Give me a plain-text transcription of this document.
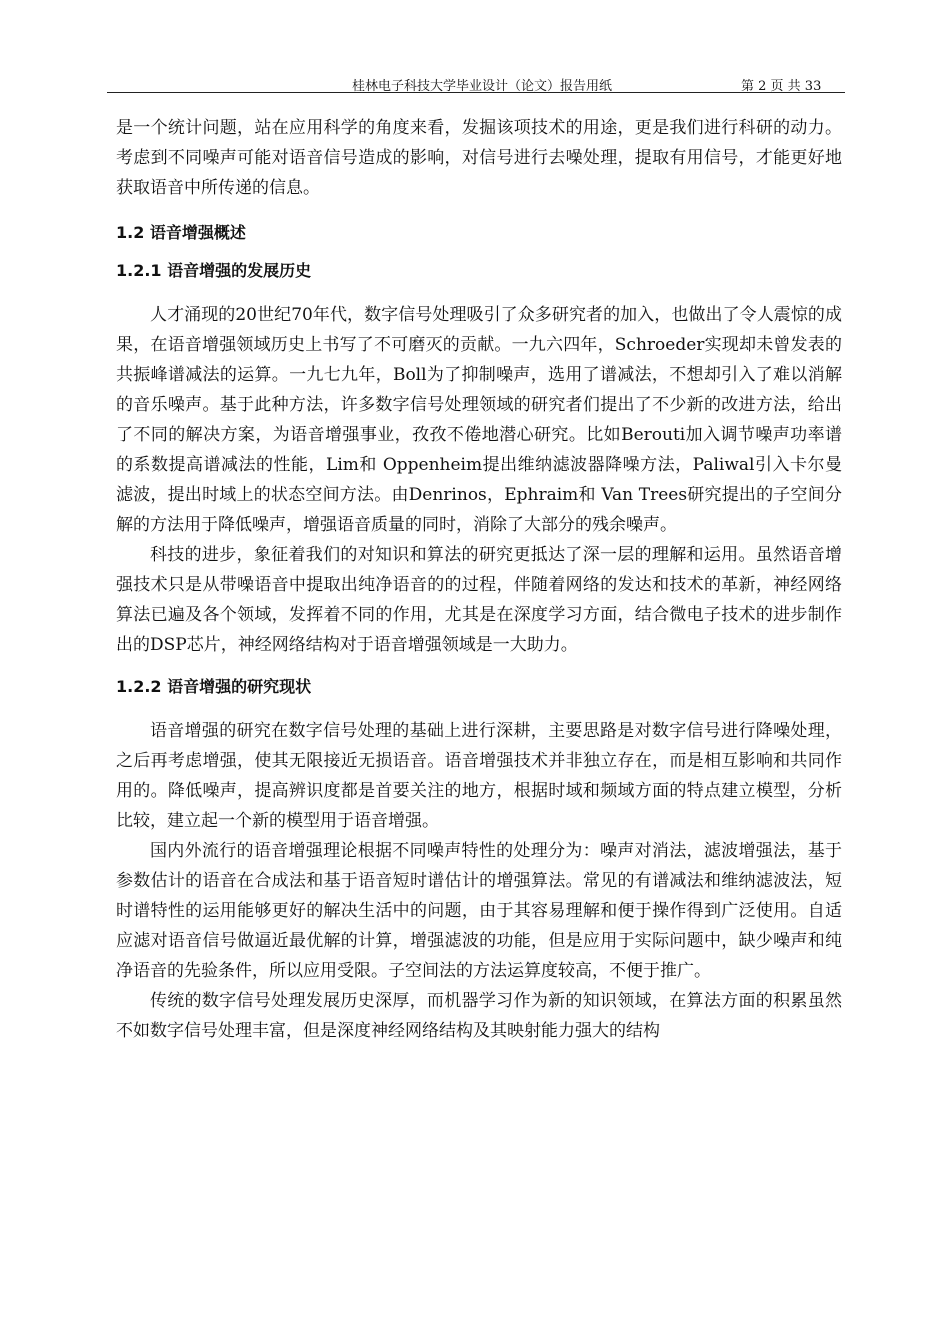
桂林电子科技大学毕业设计（论文）报告用纸	第 2 页 共 33

是一个统计问题，站在应用科学的角度来看，发掘该项技术的用途，更是我们进行科研的动力。考虑到不同噪声可能对语音信号造成的影响，对信号进行去噪处理，提取有用信号，才能更好地获取语音中所传递的信息。

1.2 语音增强概述
1.2.1 语音增强的发展历史

人才涌现的20世纪70年代，数字信号处理吸引了众多研究者的加入，也做出了令人震惊的成果，在语音增强领域历史上书写了不可磨灭的贡献。一九六四年，Schroeder实现却未曾发表的共振峰谱减法的运算。一九七九年，Boll为了抑制噪声，选用了谱减法，不想却引入了难以消解的音乐噪声。基于此种方法，许多数字信号处理领域的研究者们提出了不少新的改进方法，给出了不同的解决方案，为语音增强事业，孜孜不倦地潜心研究。比如Berouti加入调节噪声功率谱的系数提高谱减法的性能，Lim和 Oppenheim提出维纳滤波器降噪方法，Paliwal引入卡尔曼滤波，提出时域上的状态空间方法。由Denrinos，Ephraim和 Van Trees研究提出的子空间分解的方法用于降低噪声，增强语音质量的同时，消除了大部分的残余噪声。

科技的进步，象征着我们的对知识和算法的研究更抵达了深一层的理解和运用。虽然语音增强技术只是从带噪语音中提取出纯净语音的的过程，伴随着网络的发达和技术的革新，神经网络算法已遍及各个领域，发挥着不同的作用，尤其是在深度学习方面，结合微电子技术的进步制作出的DSP芯片，神经网络结构对于语音增强领域是一大助力。

1.2.2 语音增强的研究现状

语音增强的研究在数字信号处理的基础上进行深耕，主要思路是对数字信号进行降噪处理，之后再考虑增强，使其无限接近无损语音。语音增强技术并非独立存在，而是相互影响和共同作用的。降低噪声，提高辨识度都是首要关注的地方，根据时域和频域方面的特点建立模型，分析比较，建立起一个新的模型用于语音增强。

国内外流行的语音增强理论根据不同噪声特性的处理分为：噪声对消法，滤波增强法，基于参数估计的语音在合成法和基于语音短时谱估计的增强算法。常见的有谱减法和维纳滤波法，短时谱特性的运用能够更好的解决生活中的问题，由于其容易理解和便于操作得到广泛使用。自适应滤对语音信号做逼近最优解的计算，增强滤波的功能，但是应用于实际问题中，缺少噪声和纯净语音的先验条件，所以应用受限。子空间法的方法运算度较高，不便于推广。

传统的数字信号处理发展历史深厚，而机器学习作为新的知识领域，在算法方面的积累虽然不如数字信号处理丰富，但是深度神经网络结构及其映射能力强大的结构
